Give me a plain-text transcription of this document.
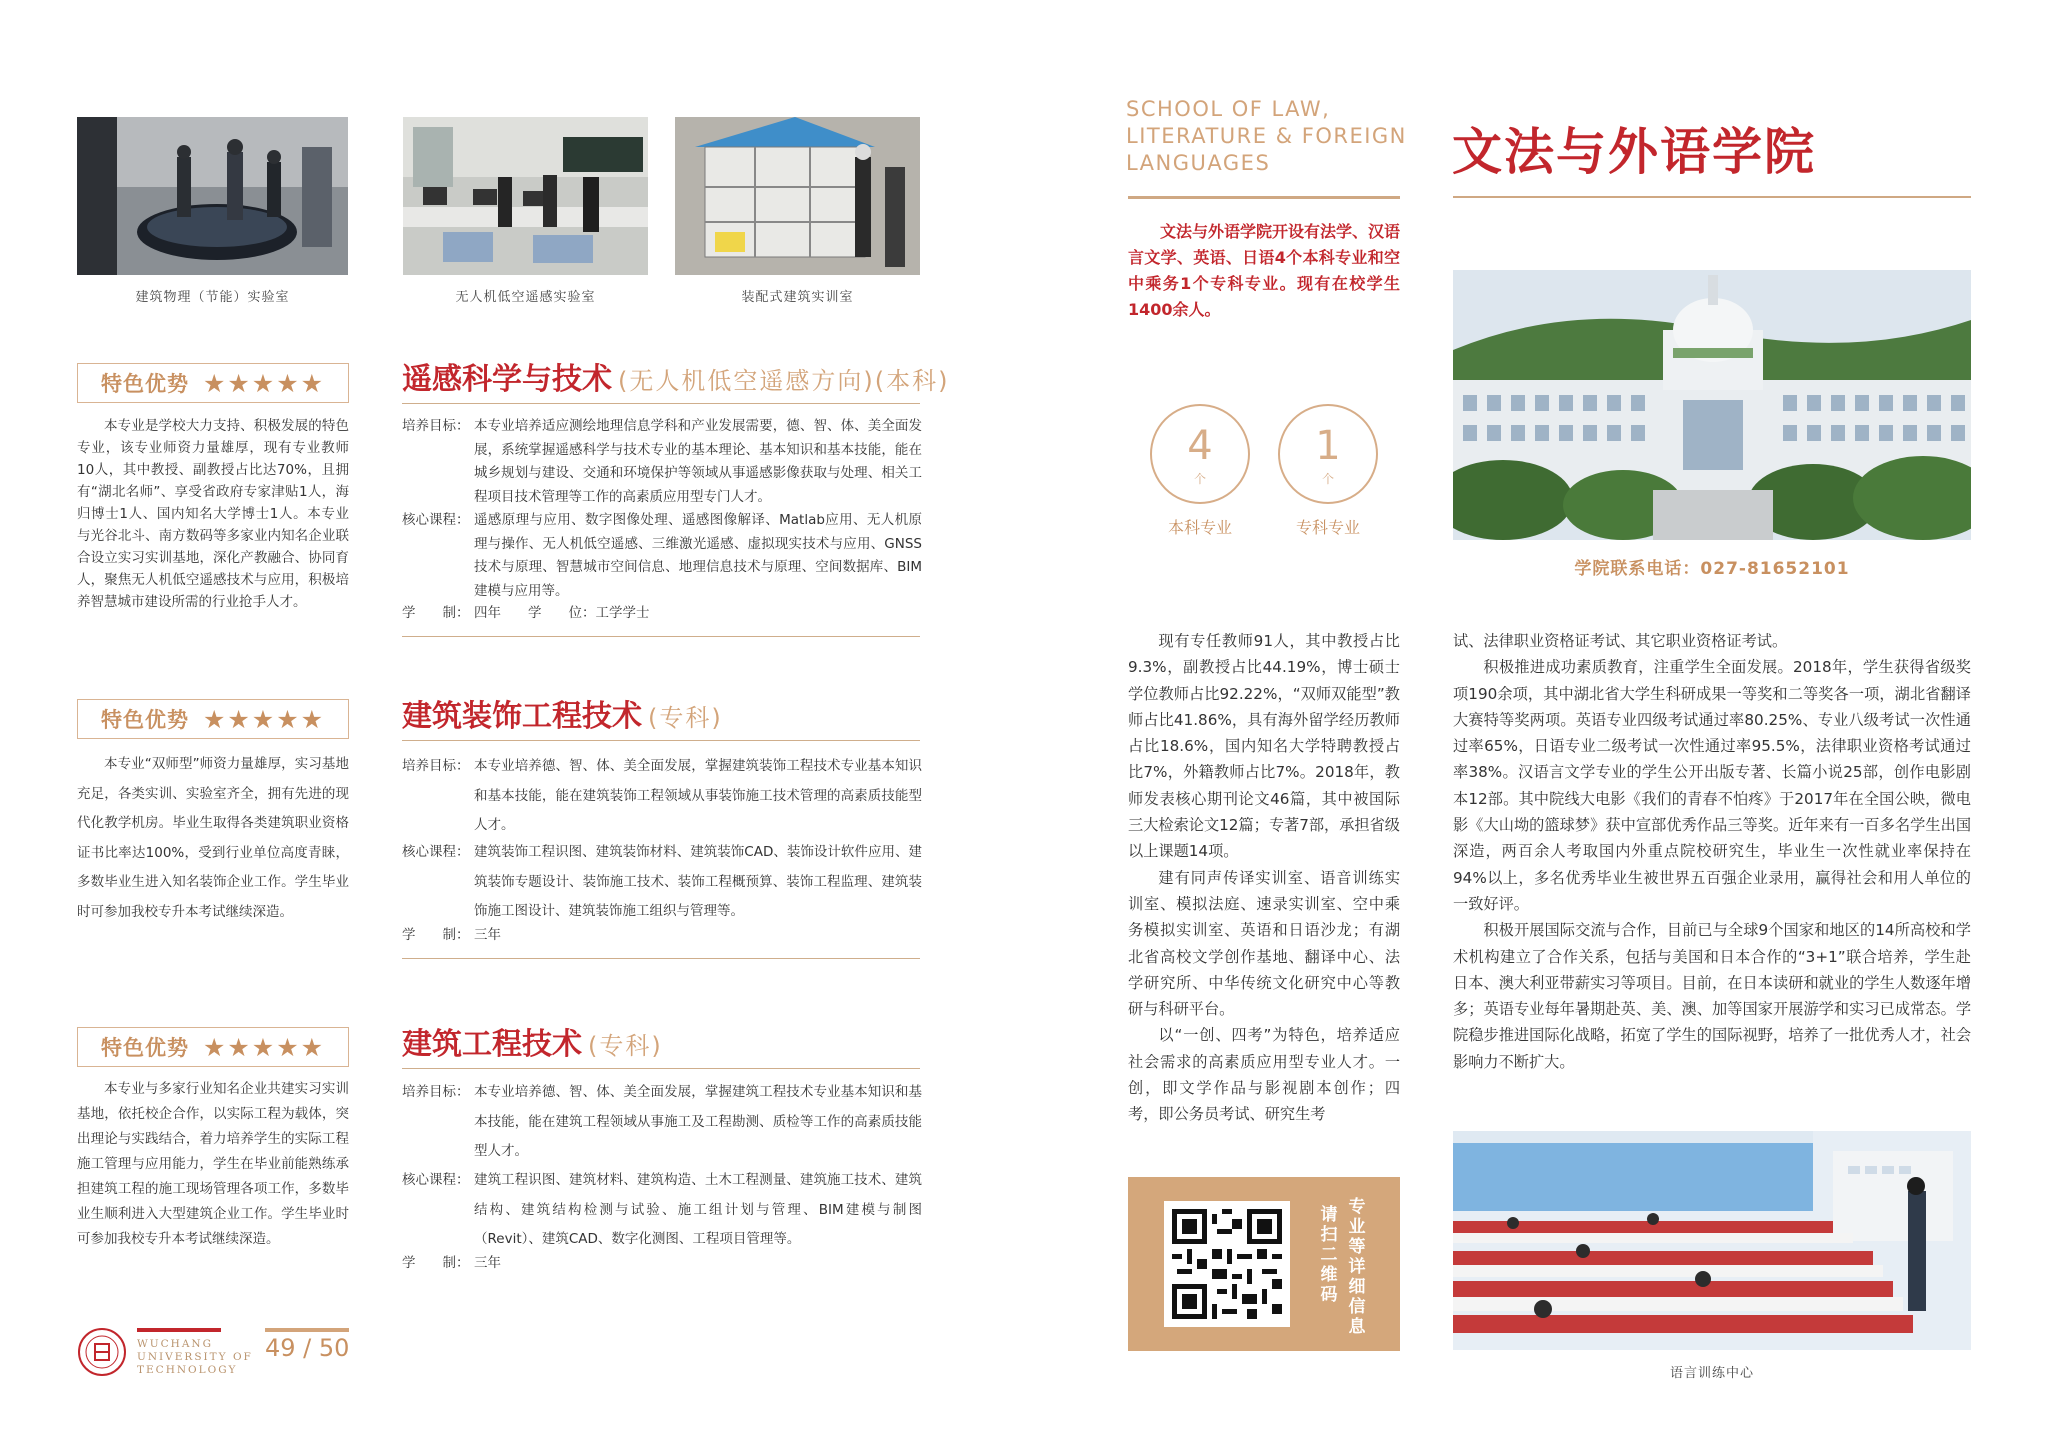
建筑物理（节能）实验室	无人机低空遥感实验室	装配式建筑实训室
特色优势 ★★★★★
本专业是学校大力支持、积极发展的特色专业，该专业师资力量雄厚，现有专业教师10人，其中教授、副教授占比达70%，且拥有“湖北名师”、享受省政府专家津贴1人，海归博士1人、国内知名大学博士1人。本专业与光谷北斗、南方数码等多家业内知名企业联合设立实习实训基地，深化产教融合、协同育人，聚焦无人机低空遥感技术与应用，积极培养智慧城市建设所需的行业抢手人才。
遥感科学与技术 (无人机低空遥感方向)(本科)
培养目标： 本专业培养适应测绘地理信息学科和产业发展需要，德、智、体、美全面发展，系统掌握遥感科学与技术专业的基本理论、基本知识和基本技能，能在城乡规划与建设、交通和环境保护等领域从事遥感影像获取与处理、相关工程项目技术管理等工作的高素质应用型专门人才。
核心课程： 遥感原理与应用、数字图像处理、遥感图像解译、Matlab应用、无人机原理与操作、无人机低空遥感、三维激光遥感、虚拟现实技术与应用、GNSS技术与原理、智慧城市空间信息、地理信息技术与原理、空间数据库、BIM建模与应用等。
学　　制： 四年　　学　　位：工学学士
特色优势 ★★★★★
本专业“双师型”师资力量雄厚，实习基地充足，各类实训、实验室齐全，拥有先进的现代化教学机房。毕业生取得各类建筑职业资格证书比率达100%，受到行业单位高度青睐，多数毕业生进入知名装饰企业工作。学生毕业时可参加我校专升本考试继续深造。
建筑装饰工程技术 (专科)
培养目标： 本专业培养德、智、体、美全面发展，掌握建筑装饰工程技术专业基本知识和基本技能，能在建筑装饰工程领域从事装饰施工技术管理的高素质技能型人才。
核心课程： 建筑装饰工程识图、建筑装饰材料、建筑装饰CAD、装饰设计软件应用、建筑装饰专题设计、装饰施工技术、装饰工程概预算、装饰工程监理、建筑装饰施工图设计、建筑装饰施工组织与管理等。
学　　制： 三年
特色优势 ★★★★★
本专业与多家行业知名企业共建实习实训基地，依托校企合作，以实际工程为载体，突出理论与实践结合，着力培养学生的实际工程施工管理与应用能力，学生在毕业前能熟练承担建筑工程的施工现场管理各项工作，多数毕业生顺利进入大型建筑企业工作。学生毕业时可参加我校专升本考试继续深造。
建筑工程技术 (专科)
培养目标： 本专业培养德、智、体、美全面发展，掌握建筑工程技术专业基本知识和基本技能，能在建筑工程领域从事施工及工程勘测、质检等工作的高素质技能型人才。
核心课程： 建筑工程识图、建筑材料、建筑构造、土木工程测量、建筑施工技术、建筑结构、建筑结构检测与试验、施工组计划与管理、BIM建模与制图（Revit）、建筑CAD、数字化测图、工程项目管理等。
学　　制： 三年
WUCHANG
UNIVERSITY OF
TECHNOLOGY
49 / 50
SCHOOL OF LAW,
LITERATURE & FOREIGN
LANGUAGES	文法与外语学院
文法与外语学院开设有法学、汉语言文学、英语、日语4个本科专业和空中乘务1个专科专业。现有在校学生1400余人。
4
个
本科专业
1
个
专科专业
学院联系电话：027-81652101

现有专任教师91人，其中教授占比9.3%，副教授占比44.19%，博士硕士学位教师占比92.22%，“双师双能型”教师占比41.86%，具有海外留学经历教师占比18.6%，国内知名大学特聘教授占比7%，外籍教师占比7%。2018年，教师发表核心期刊论文46篇，其中被国际三大检索论文12篇；专著7部，承担省级以上课题14项。

建有同声传译实训室、语音训练实训室、模拟法庭、速录实训室、空中乘务模拟实训室、英语和日语沙龙；有湖北省高校文学创作基地、翻译中心、法学研究所、中华传统文化研究中心等教研与科研平台。

以“一创、四考”为特色，培养适应社会需求的高素质应用型专业人才。一创，即文学作品与影视剧本创作；四考，即公务员考试、研究生考

试、法律职业资格证考试、其它职业资格证考试。

积极推进成功素质教育，注重学生全面发展。2018年，学生获得省级奖项190余项，其中湖北省大学生科研成果一等奖和二等奖各一项，湖北省翻译大赛特等奖两项。英语专业四级考试通过率80.25%、专业八级考试一次性通过率65%，日语专业二级考试一次性通过率95.5%，法律职业资格考试通过率38%。汉语言文学专业的学生公开出版专著、长篇小说25部，创作电影剧本12部。其中院线大电影《我们的青春不怕疼》于2017年在全国公映，微电影《大山坳的篮球梦》获中宣部优秀作品三等奖。近年来有一百多名学生出国深造，两百余人考取国内外重点院校研究生，毕业生一次性就业率保持在94%以上，多名优秀毕业生被世界五百强企业录用，赢得社会和用人单位的一致好评。

积极开展国际交流与合作，目前已与全球9个国家和地区的14所高校和学术机构建立了合作关系，包括与美国和日本合作的“3+1”联合培养，学生赴日本、澳大利亚带薪实习等项目。目前，在日本读研和就业的学生人数逐年增多；英语专业每年暑期赴英、美、澳、加等国家开展游学和实习已成常态。学院稳步推进国际化战略，拓宽了学生的国际视野，培养了一批优秀人才，社会影响力不断扩大。

请扫二维码
专业等详细信息
语言训练中心
